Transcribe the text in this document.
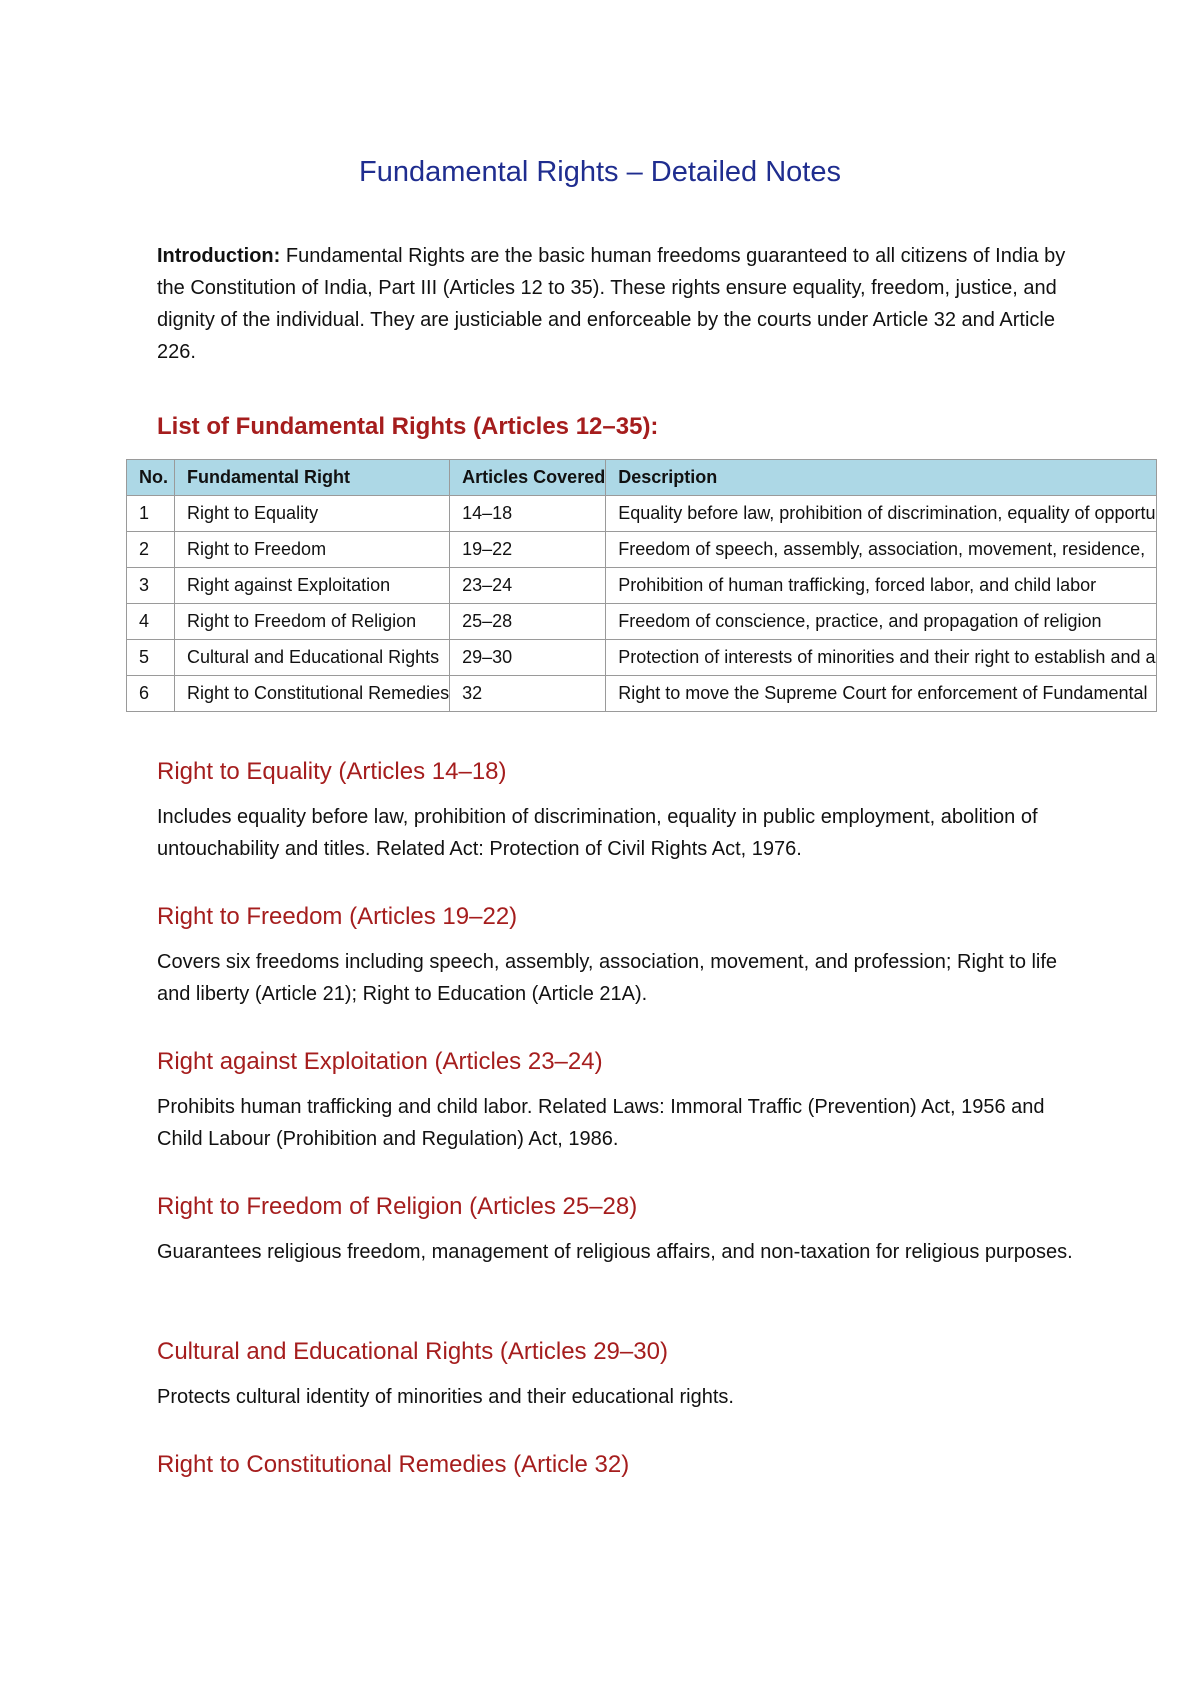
Fundamental Rights – Detailed Notes

Introduction: Fundamental Rights are the basic human freedoms guaranteed to all citizens of India by the Constitution of India, Part III (Articles 12 to 35). These rights ensure equality, freedom, justice, and dignity of the individual. They are justiciable and enforceable by the courts under Article 32 and Article 226.

List of Fundamental Rights (Articles 12–35):
No.	Fundamental Right	Articles Covered	Description
1	Right to Equality	14–18	Equality before law, prohibition of discrimination, equality of opportu
2	Right to Freedom	19–22	Freedom of speech, assembly, association, movement, residence,
3	Right against Exploitation	23–24	Prohibition of human trafficking, forced labor, and child labor
4	Right to Freedom of Religion	25–28	Freedom of conscience, practice, and propagation of religion
5	Cultural and Educational Rights	29–30	Protection of interests of minorities and their right to establish and a
6	Right to Constitutional Remedies	32	Right to move the Supreme Court for enforcement of Fundamental
Right to Equality (Articles 14–18)

Includes equality before law, prohibition of discrimination, equality in public employment, abolition of untouchability and titles. Related Act: Protection of Civil Rights Act, 1976.

Right to Freedom (Articles 19–22)

Covers six freedoms including speech, assembly, association, movement, and profession; Right to life and liberty (Article 21); Right to Education (Article 21A).

Right against Exploitation (Articles 23–24)

Prohibits human trafficking and child labor. Related Laws: Immoral Traffic (Prevention) Act, 1956 and Child Labour (Prohibition and Regulation) Act, 1986.

Right to Freedom of Religion (Articles 25–28)

Guarantees religious freedom, management of religious affairs, and non-taxation for religious purposes.

Cultural and Educational Rights (Articles 29–30)

Protects cultural identity of minorities and their educational rights.

Right to Constitutional Remedies (Article 32)
